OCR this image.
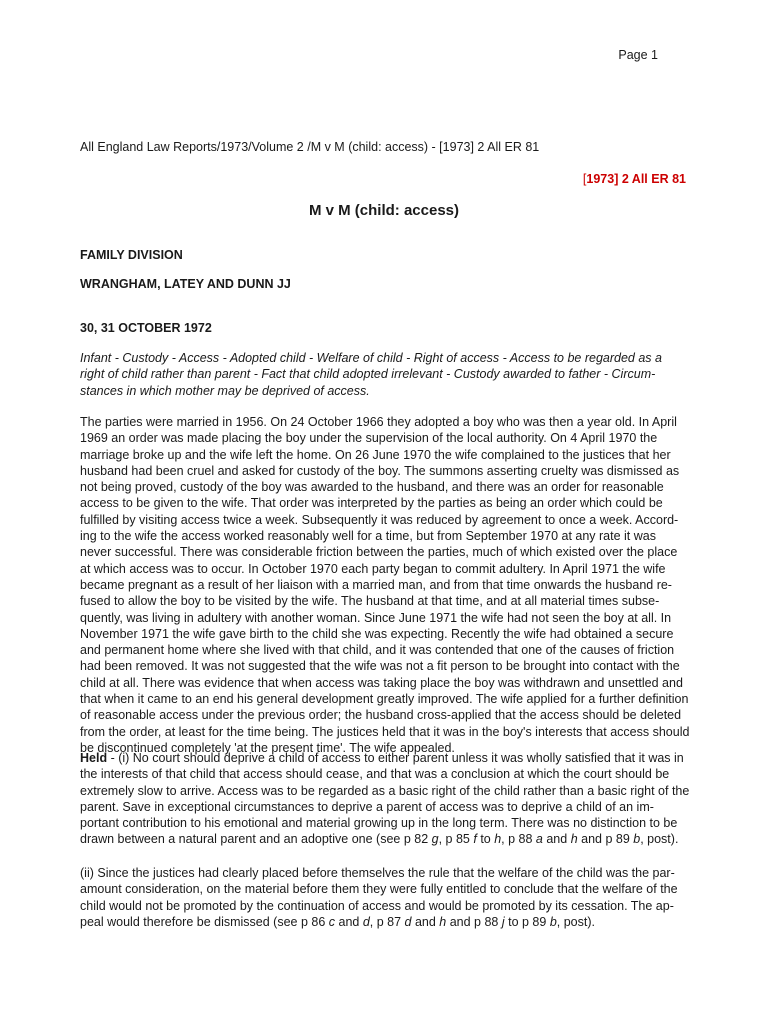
Page 1
All England Law Reports/1973/Volume 2 /M v M (child: access) - [1973] 2 All ER 81
[1973] 2 All ER 81
M v M (child: access)
FAMILY DIVISION
WRANGHAM, LATEY AND DUNN JJ
30, 31 OCTOBER 1972
Infant - Custody - Access - Adopted child - Welfare of child - Right of access - Access to be regarded as a right of child rather than parent - Fact that child adopted irrelevant - Custody awarded to father - Circum-stances in which mother may be deprived of access.
The parties were married in 1956. On 24 October 1966 they adopted a boy who was then a year old. In April 1969 an order was made placing the boy under the supervision of the local authority. On 4 April 1970 the marriage broke up and the wife left the home. On 26 June 1970 the wife complained to the justices that her husband had been cruel and asked for custody of the boy. The summons asserting cruelty was dismissed as not being proved, custody of the boy was awarded to the husband, and there was an order for reasonable access to be given to the wife. That order was interpreted by the parties as being an order which could be fulfilled by visiting access twice a week. Subsequently it was reduced by agreement to once a week. Accord-ing to the wife the access worked reasonably well for a time, but from September 1970 at any rate it was never successful. There was considerable friction between the parties, much of which existed over the place at which access was to occur. In October 1970 each party began to commit adultery. In April 1971 the wife became pregnant as a result of her liaison with a married man, and from that time onwards the husband re-fused to allow the boy to be visited by the wife. The husband at that time, and at all material times subse-quently, was living in adultery with another woman. Since June 1971 the wife had not seen the boy at all. In November 1971 the wife gave birth to the child she was expecting. Recently the wife had obtained a secure and permanent home where she lived with that child, and it was contended that one of the causes of friction had been removed. It was not suggested that the wife was not a fit person to be brought into contact with the child at all. There was evidence that when access was taking place the boy was withdrawn and unsettled and that when it came to an end his general development greatly improved. The wife applied for a further definition of reasonable access under the previous order; the husband cross-applied that the access should be deleted from the order, at least for the time being. The justices held that it was in the boy's interests that access should be discontinued completely 'at the present time'. The wife appealed.
Held - (i) No court should deprive a child of access to either parent unless it was wholly satisfied that it was in the interests of that child that access should cease, and that was a conclusion at which the court should be extremely slow to arrive. Access was to be regarded as a basic right of the child rather than a basic right of the parent. Save in exceptional circumstances to deprive a parent of access was to deprive a child of an im-portant contribution to his emotional and material growing up in the long term. There was no distinction to be drawn between a natural parent and an adoptive one (see p 82 g, p 85 f to h, p 88 a and h and p 89 b, post).
(ii) Since the justices had clearly placed before themselves the rule that the welfare of the child was the par-amount consideration, on the material before them they were fully entitled to conclude that the welfare of the child would not be promoted by the continuation of access and would be promoted by its cessation. The ap-peal would therefore be dismissed (see p 86 c and d, p 87 d and h and p 88 j to p 89 b, post).
